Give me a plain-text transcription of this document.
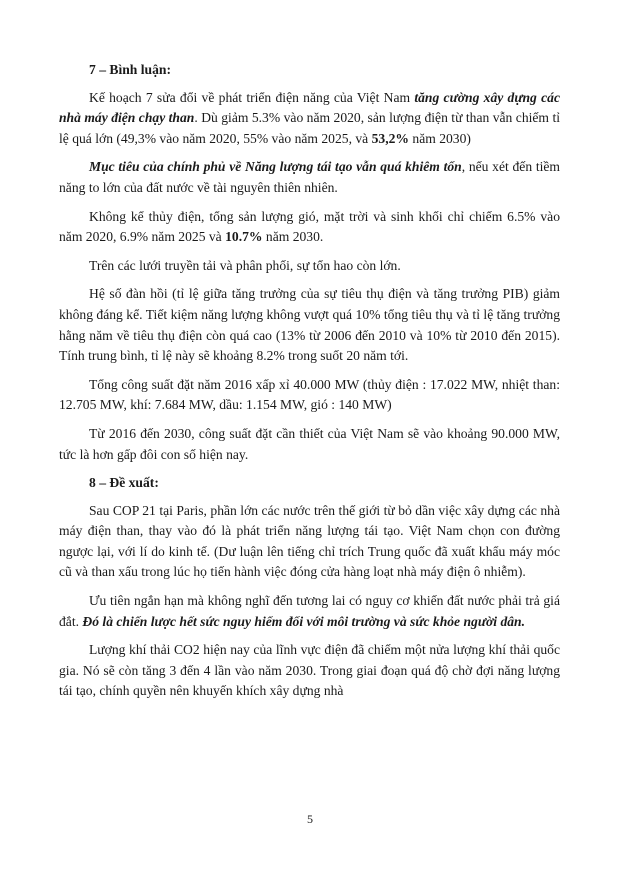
7 – Bình luận:

Kế hoạch 7 sửa đổi về phát triển điện năng của Việt Nam tăng cường xây dựng các nhà máy điện chạy than. Dù giảm 5.3% vào năm 2020, sản lượng điện từ than vẫn chiếm tỉ lệ quá lớn (49,3% vào năm 2020, 55% vào năm 2025, và 53,2% năm 2030)

Mục tiêu của chính phủ về Năng lượng tái tạo vẫn quá khiêm tốn, nếu xét đến tiềm năng to lớn của đất nước về tài nguyên thiên nhiên.

Không kể thủy điện, tổng sản lượng gió, mặt trời và sinh khối chỉ chiếm 6.5% vào năm 2020, 6.9% năm 2025 và 10.7% năm 2030.

Trên các lưới truyền tải và phân phối, sự tổn hao còn lớn.

Hệ số đàn hồi (tỉ lệ giữa tăng trưởng của sự tiêu thụ điện và tăng trưởng PIB) giảm không đáng kể. Tiết kiệm năng lượng không vượt quá 10% tổng tiêu thụ và tỉ lệ tăng trưởng hằng năm về tiêu thụ điện còn quá cao (13% từ 2006 đến 2010 và 10% từ 2010 đến 2015). Tính trung bình, tỉ lệ này sẽ khoảng 8.2% trong suốt 20 năm tới.

Tổng công suất đặt năm 2016 xấp xỉ 40.000 MW (thủy điện : 17.022 MW, nhiệt than: 12.705 MW, khí: 7.684 MW, dầu: 1.154 MW, gió : 140 MW)

Từ 2016 đến 2030, công suất đặt cần thiết của Việt Nam sẽ vào khoảng 90.000 MW, tức là hơn gấp đôi con số hiện nay.

8 – Đề xuất:

Sau COP 21 tại Paris, phần lớn các nước trên thế giới từ bỏ dần việc xây dựng các nhà máy điện than, thay vào đó là phát triển năng lượng tái tạo. Việt Nam chọn con đường ngược lại, với lí do kinh tế. (Dư luận lên tiếng chỉ trích Trung quốc đã xuất khẩu máy móc cũ và than xấu trong lúc họ tiến hành việc đóng cửa hàng loạt nhà máy điện ô nhiễm).

Ưu tiên ngắn hạn mà không nghĩ đến tương lai có nguy cơ khiến đất nước phải trả giá đắt. Đó là chiến lược hết sức nguy hiểm đối với môi trường và sức khỏe người dân.

Lượng khí thải CO2 hiện nay của lĩnh vực điện đã chiếm một nửa lượng khí thải quốc gia. Nó sẽ còn tăng 3 đến 4 lần vào năm 2030. Trong giai đoạn quá độ chờ đợi năng lượng tái tạo, chính quyền nên khuyến khích xây dựng nhà

5
